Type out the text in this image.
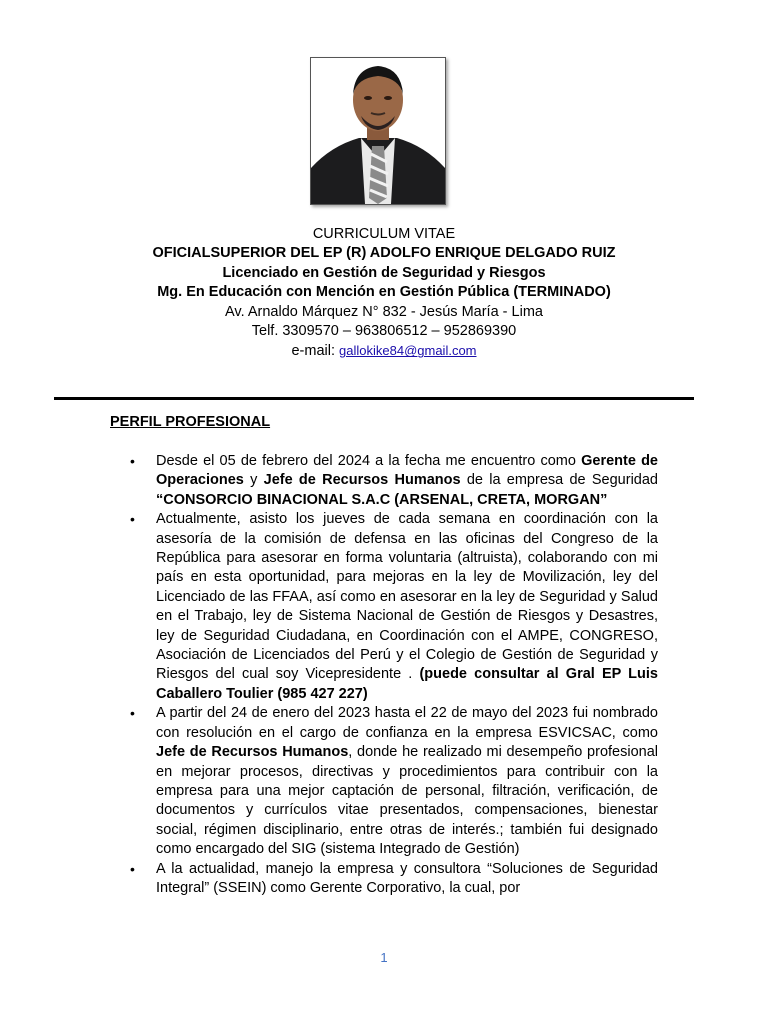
CURRICULUM VITAE
OFICIALSUPERIOR DEL EP (R) ADOLFO ENRIQUE DELGADO RUIZ
Licenciado en Gestión de Seguridad y Riesgos
Mg. En Educación con Mención en Gestión Pública (TERMINADO)
Av. Arnaldo Márquez N° 832 - Jesús María - Lima
Telf. 3309570 – 963806512 – 952869390
e-mail: gallokike84@gmail.com
PERFIL PROFESIONAL
• Desde el 05 de febrero del 2024 a la fecha me encuentro como Gerente de Operaciones y Jefe de Recursos Humanos de la empresa de Seguridad “CONSORCIO BINACIONAL S.A.C (ARSENAL, CRETA, MORGAN”
• Actualmente, asisto los jueves de cada semana en coordinación con la asesoría de la comisión de defensa en las oficinas del Congreso de la República para asesorar en forma voluntaria (altruista), colaborando con mi país en esta oportunidad, para mejoras en la ley de Movilización, ley del Licenciado de las FFAA, así como en asesorar en la ley de Seguridad y Salud en el Trabajo, ley de Sistema Nacional de Gestión de Riesgos y Desastres, ley de Seguridad Ciudadana, en Coordinación con el AMPE, CONGRESO, Asociación de Licenciados del Perú y el Colegio de Gestión de Seguridad y Riesgos del cual soy Vicepresidente . (puede consultar al Gral EP Luis Caballero Toulier (985 427 227)
• A partir del 24 de enero del 2023 hasta el 22 de mayo del 2023 fui nombrado con resolución en el cargo de confianza en la empresa ESVICSAC, como Jefe de Recursos Humanos, donde he realizado mi desempeño profesional en mejorar procesos, directivas y procedimientos para contribuir con la empresa para una mejor captación de personal, filtración, verificación, de documentos y currículos vitae presentados, compensaciones, bienestar social, régimen disciplinario, entre otras de interés.; también fui designado como encargado del SIG (sistema Integrado de Gestión)
• A la actualidad, manejo la empresa y consultora “Soluciones de Seguridad Integral” (SSEIN) como Gerente Corporativo, la cual, por
1
